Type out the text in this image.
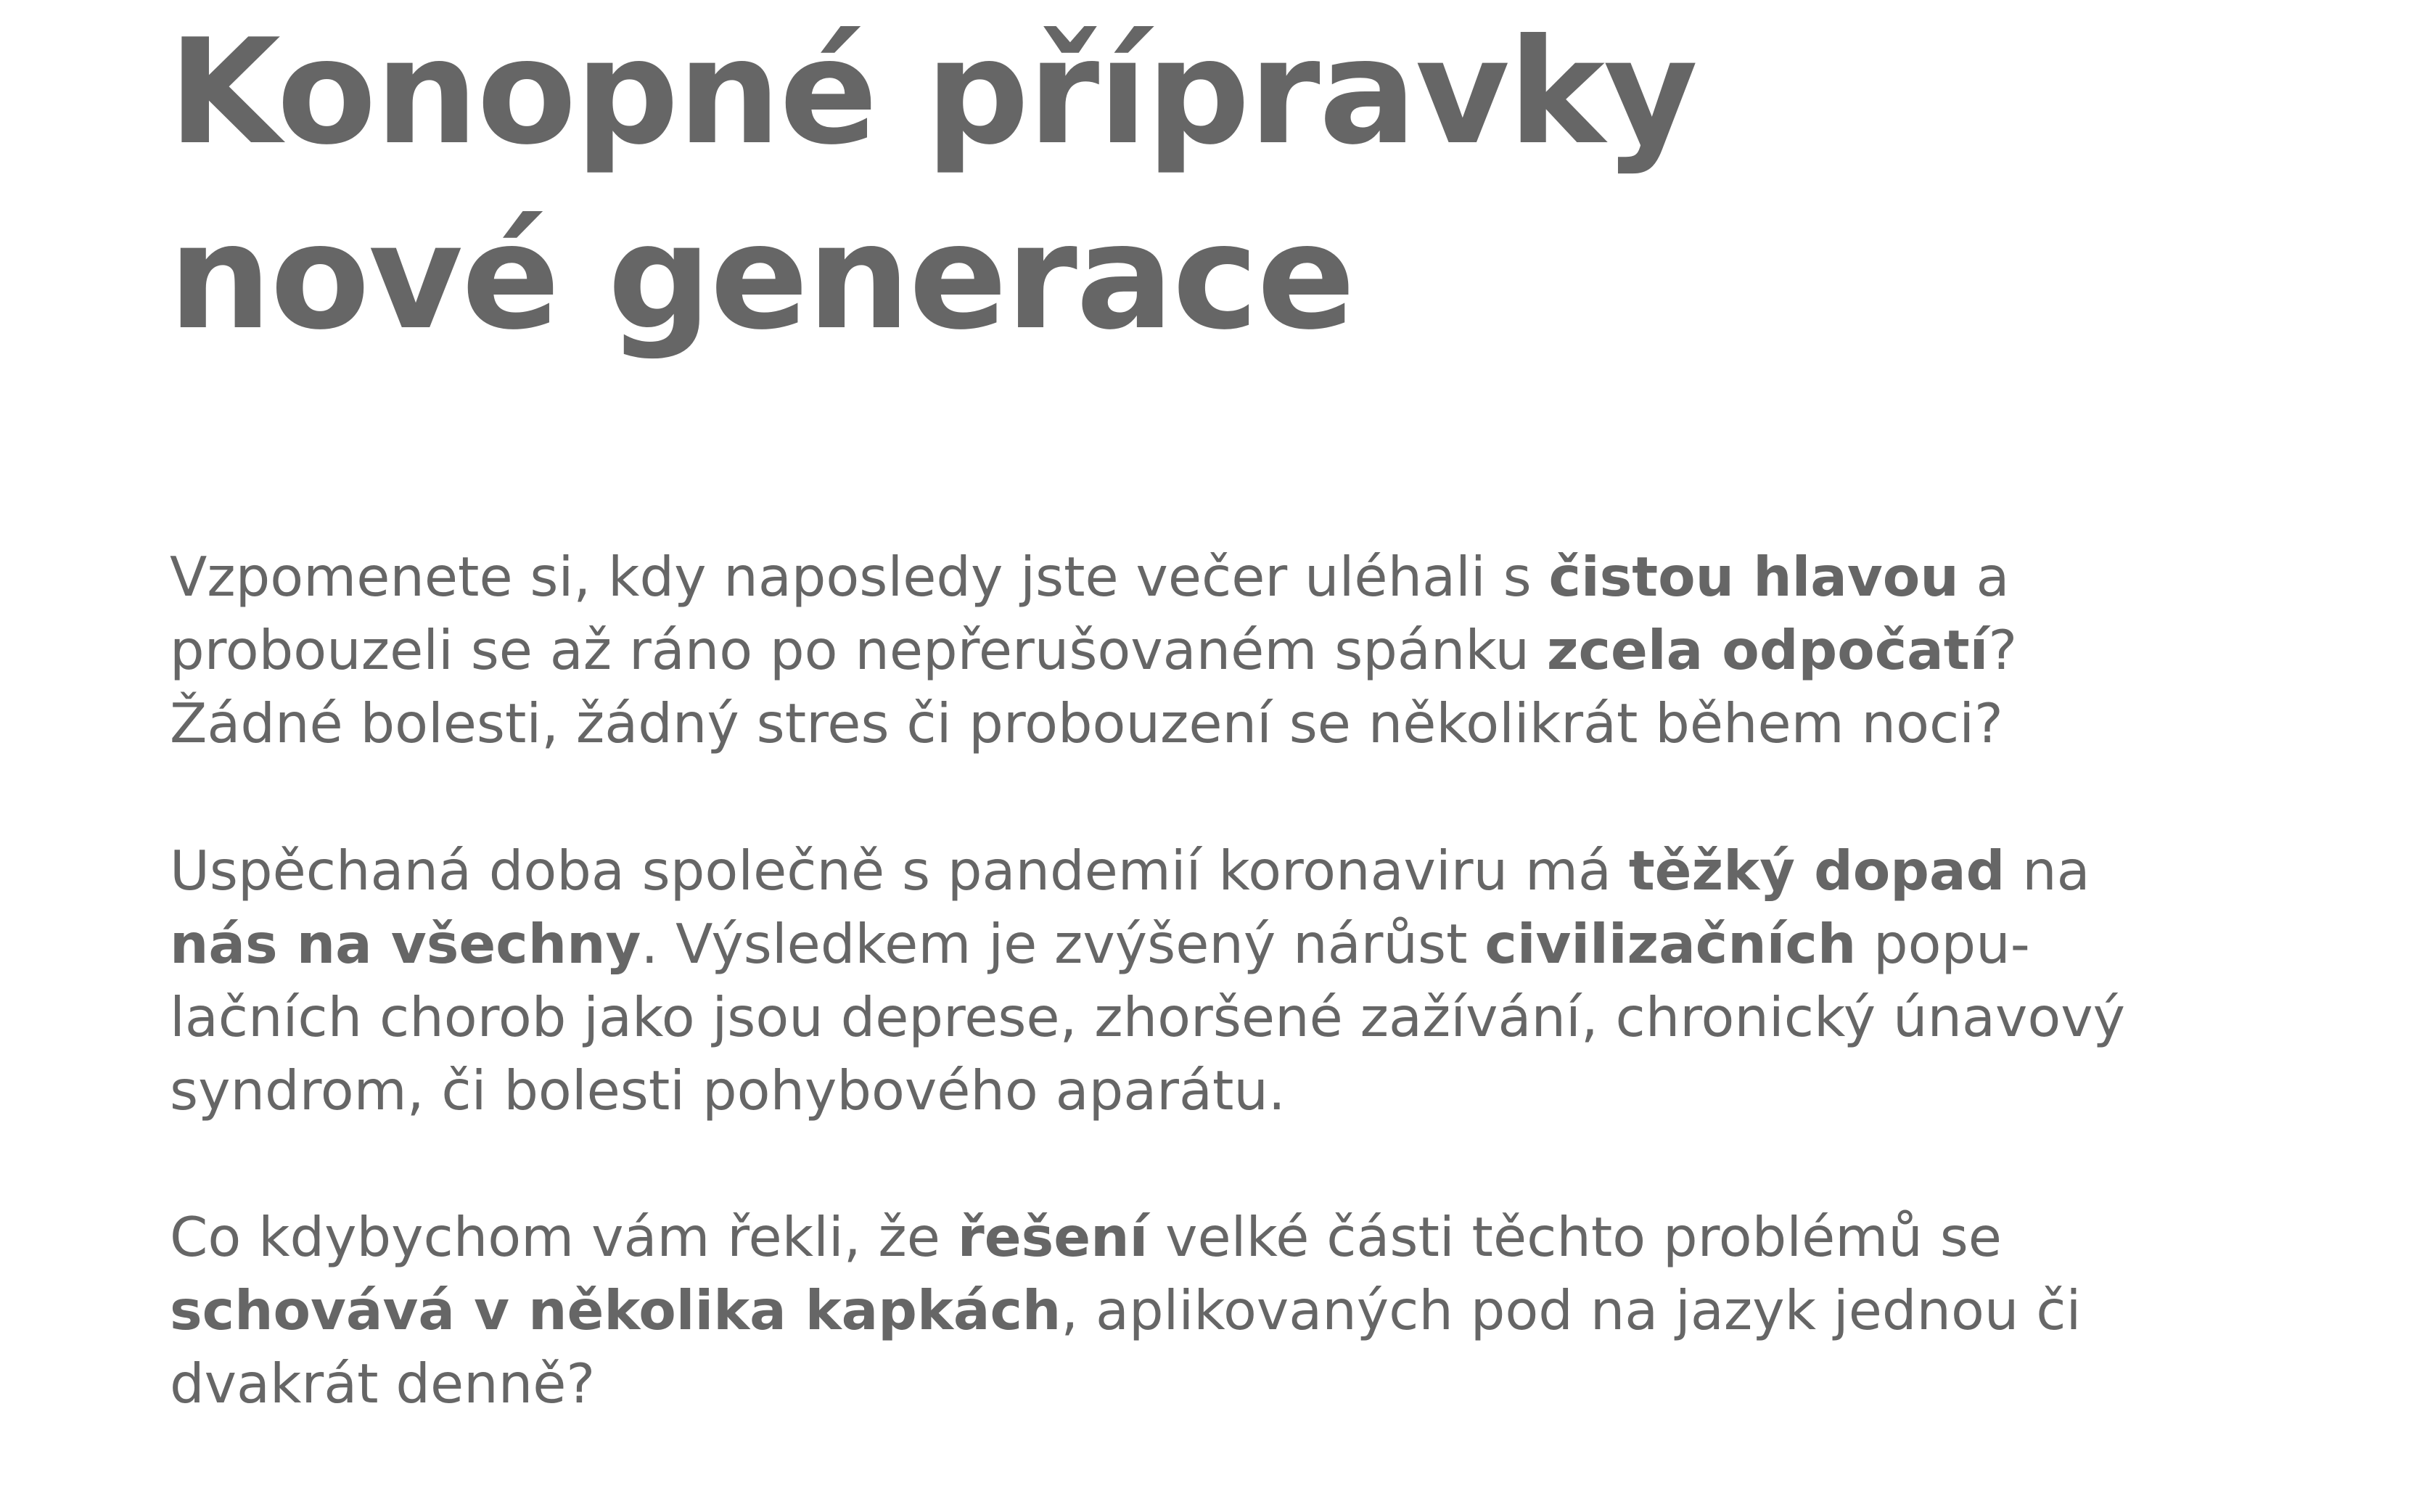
Konopné přípravky
nové generace

Vzpomenete si, kdy naposledy jste večer uléhali s čistou hlavou a
probouzeli se až ráno po nepřerušovaném spánku zcela odpočatí?
Žádné bolesti, žádný stres či probouzení se několikrát během noci?

Uspěchaná doba společně s pandemií koronaviru má těžký dopad na
nás na všechny. Výsledkem je zvýšený nárůst civilizačních popu-
lačních chorob jako jsou deprese, zhoršené zažívání, chronický únavový
syndrom, či bolesti pohybového aparátu.

Co kdybychom vám řekli, že řešení velké části těchto problémů se
schovává v několika kapkách, aplikovaných pod na jazyk jednou či
dvakrát denně?
